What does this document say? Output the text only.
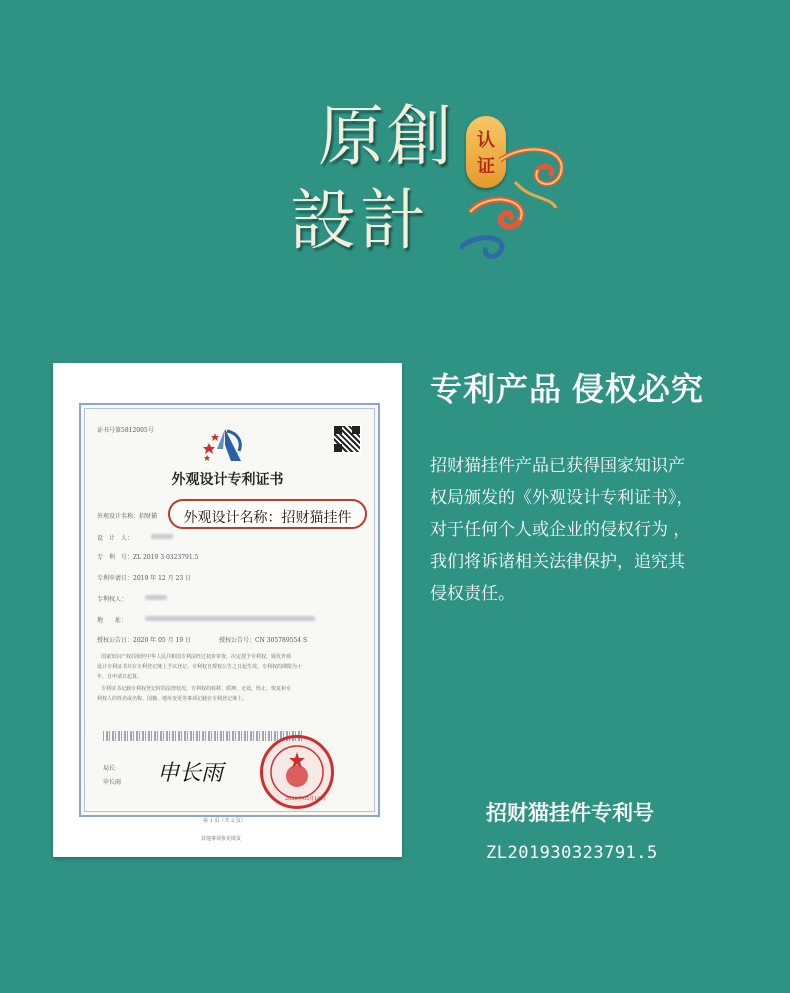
原 創
設 計
认
证
证书号第5812005号
外观设计专利证书
外观设计名称：招财猫
设　计　人：
专　利　号：ZL 2019 3 0323791.5
专利申请日：2019 年 12 月 23 日
专利权人：
地　　址：
授权公告日：2020 年 05 月 19 日	授权公告号：CN 305789554 S
国家知识产权局依照中华人民共和国专利法经过初步审查，决定授予专利权，颁发外观
设计专利证书并在专利登记簿上予以登记。专利权自授权公告之日起生效。专利权的期限为十
年，自申请日起算。
专利证书记载专利权登记时的法律状况。专利权的转移、质押、无效、终止、恢复和专
利权人的姓名或名称、国籍、地址变更等事项记载在专利登记簿上。
局长
申长雨 申长雨
2020年05月19日
第 1 页（共 2 页）
其他事项参见续页
外观设计名称：招财猫挂件
专利产品 侵权必究
招财猫挂件产品已获得国家知识产
权局颁发的《外观设计专利证书》，
对于任何个人或企业的侵权行为 ，
我们将诉诸相关法律保护，追究其
侵权责任。
招财猫挂件专利号
ZL201930323791.5
